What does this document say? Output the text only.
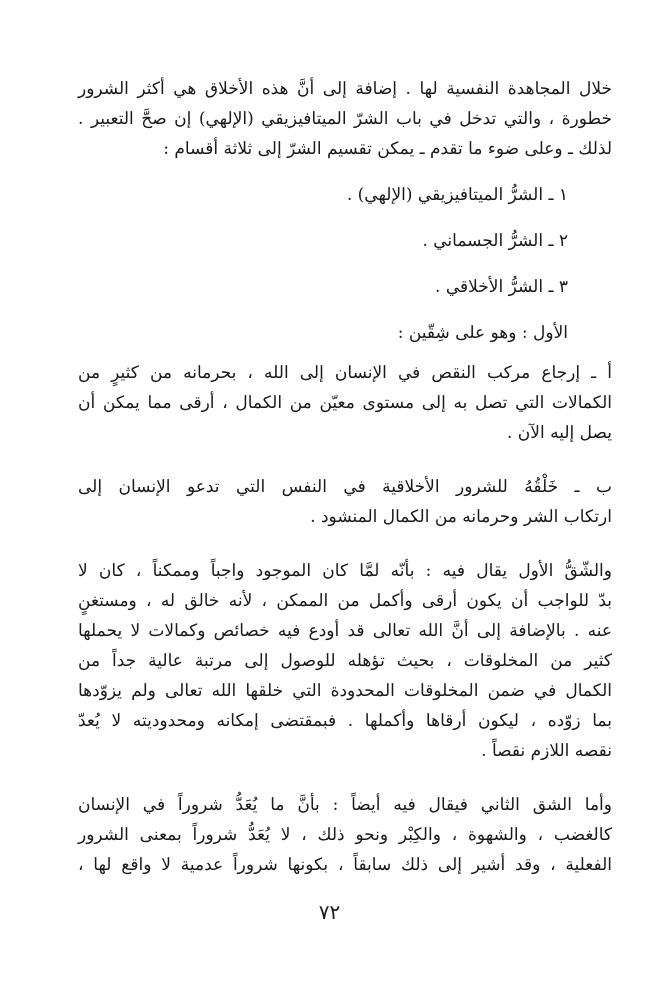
خلال المجاهدة النفسية لها . إضافة إلى أنَّ هذه الأخلاق هي أكثر الشرور
خطورة ، والتي تدخل في باب الشرّ الميتافيزيقي (الإلهي) إن صحَّ التعبير .
لذلك ـ وعلى ضوء ما تقدم ـ يمكن تقسيم الشرّ إلى ثلاثة أقسام :
١ ـ الشرُّ الميتافيزيقي (الإلهي) .
٢ ـ الشرُّ الجسماني .
٣ ـ الشرُّ الأخلاقي .
الأول : وهو على شِقّين :
أ ـ إرجاع مركب النقص في الإنسان إلى الله ، بحرمانه من كثيرٍ من
الكمالات التي تصل به إلى مستوى معيّن من الكمال ، أرقى مما يمكن أن
يصل إليه الآن .
ب ـ خَلْقُهُ للشرور الأخلاقية في النفس التي تدعو الإنسان إلى
ارتكاب الشر وحرمانه من الكمال المنشود .
والشّقُّ الأول يقال فيه : بأنّه لمَّا كان الموجود واجباً وممكناً ، كان لا
بدّ للواجب أن يكون أرقى وأكمل من الممكن ، لأنه خالق له ، ومستغنٍ
عنه . بالإضافة إلى أنَّ الله تعالى قد أودع فيه خصائص وكمالات لا يحملها
كثير من المخلوقات ، بحيث تؤهله للوصول إلى مرتبة عالية جداً من
الكمال في ضمن المخلوقات المحدودة التي خلقها الله تعالى ولم يزوّدها
بما زوّده ، ليكون أرقاها وأكملها . فبمقتضى إمكانه ومحدوديته لا يُعدّ
نقصه اللازم نقصاً .
وأما الشق الثاني فيقال فيه أيضاً : بأنَّ ما يُعَدُّ شروراً في الإنسان
كالغضب ، والشهوة ، والكِبْر ونحو ذلك ، لا يُعَدُّ شروراً بمعنى الشرور
الفعلية ، وقد أشير إلى ذلك سابقاً ، بكونها شروراً عدمية لا واقع لها ،
٧٢
